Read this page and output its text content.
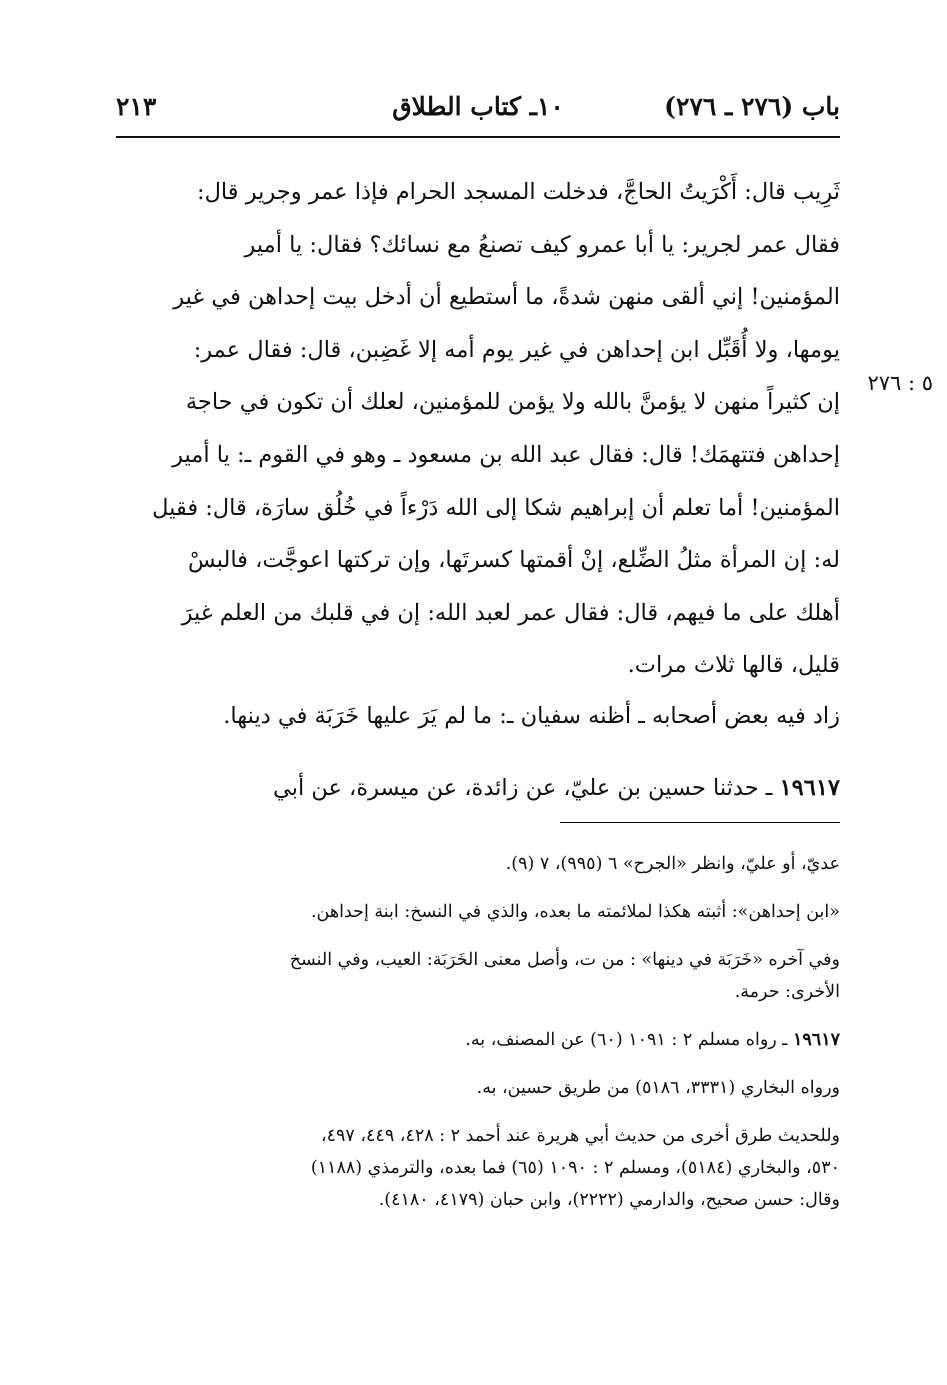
٢١٣	١٠ـ كتاب الطلاق	باب (٢٧٦ ـ ٢٧٦)
٥ : ٢٧٦
ثَرِيب قال: أَكْرَيتُ الحاجَّ، فدخلت المسجد الحرام فإذا عمر وجرير قال:
فقال عمر لجرير: يا أبا عمرو كيف تصنعُ مع نسائك؟ فقال: يا أمير
المؤمنين! إني ألقى منهن شدةً، ما أستطيع أن أدخل بيت إحداهن في غير
يومها، ولا أُقَبِّل ابن إحداهن في غير يوم أمه إلا غَضِبن، قال: فقال عمر:
إن كثيراً منهن لا يؤمنَّ بالله ولا يؤمن للمؤمنين، لعلك أن تكون في حاجة
إحداهن فتتهمَك! قال: فقال عبد الله بن مسعود ـ وهو في القوم ـ: يا أمير
المؤمنين! أما تعلم أن إبراهيم شكا إلى الله دَرْءاً في خُلُق سارَة، قال: فقيل
له: إن المرأة مثلُ الضِّلع، إنْ أقمتها كسرتَها، وإن تركتها اعوجَّت، فالبسْ
أهلك على ما فيهم، قال: فقال عمر لعبد الله: إن في قلبك من العلم غيرَ
قليل، قالها ثلاث مرات.
زاد فيه بعض أصحابه ـ أظنه سفيان ـ: ما لم يَرَ عليها خَرَبَة في دينها.
١٩٦١٧ ـ حدثنا حسين بن عليّ، عن زائدة، عن ميسرة، عن أبي
عديّ، أو عليّ، وانظر «الجرح» ٦ (٩٩٥)، ٧ (٩).
«ابن إحداهن»: أثبته هكذا لملائمته ما بعده، والذي في النسخ: ابنة إحداهن.
وفي آخره «خَرَبَة في دينها» : من ت، وأصل معنى الخَرَبَة: العيب، وفي النسخ
الأخرى: حرمة.
١٩٦١٧ ـ رواه مسلم ٢ : ١٠٩١ (٦٠) عن المصنف، به.
ورواه البخاري (٣٣٣١، ٥١٨٦) من طريق حسين، به.
وللحديث طرق أخرى من حديث أبي هريرة عند أحمد ٢ : ٤٢٨، ٤٤٩، ٤٩٧،
٥٣٠، والبخاري (٥١٨٤)، ومسلم ٢ : ١٠٩٠ (٦٥) فما بعده، والترمذي (١١٨٨)
وقال: حسن صحيح، والدارمي (٢٢٢٢)، وابن حبان (٤١٧٩، ٤١٨٠).
